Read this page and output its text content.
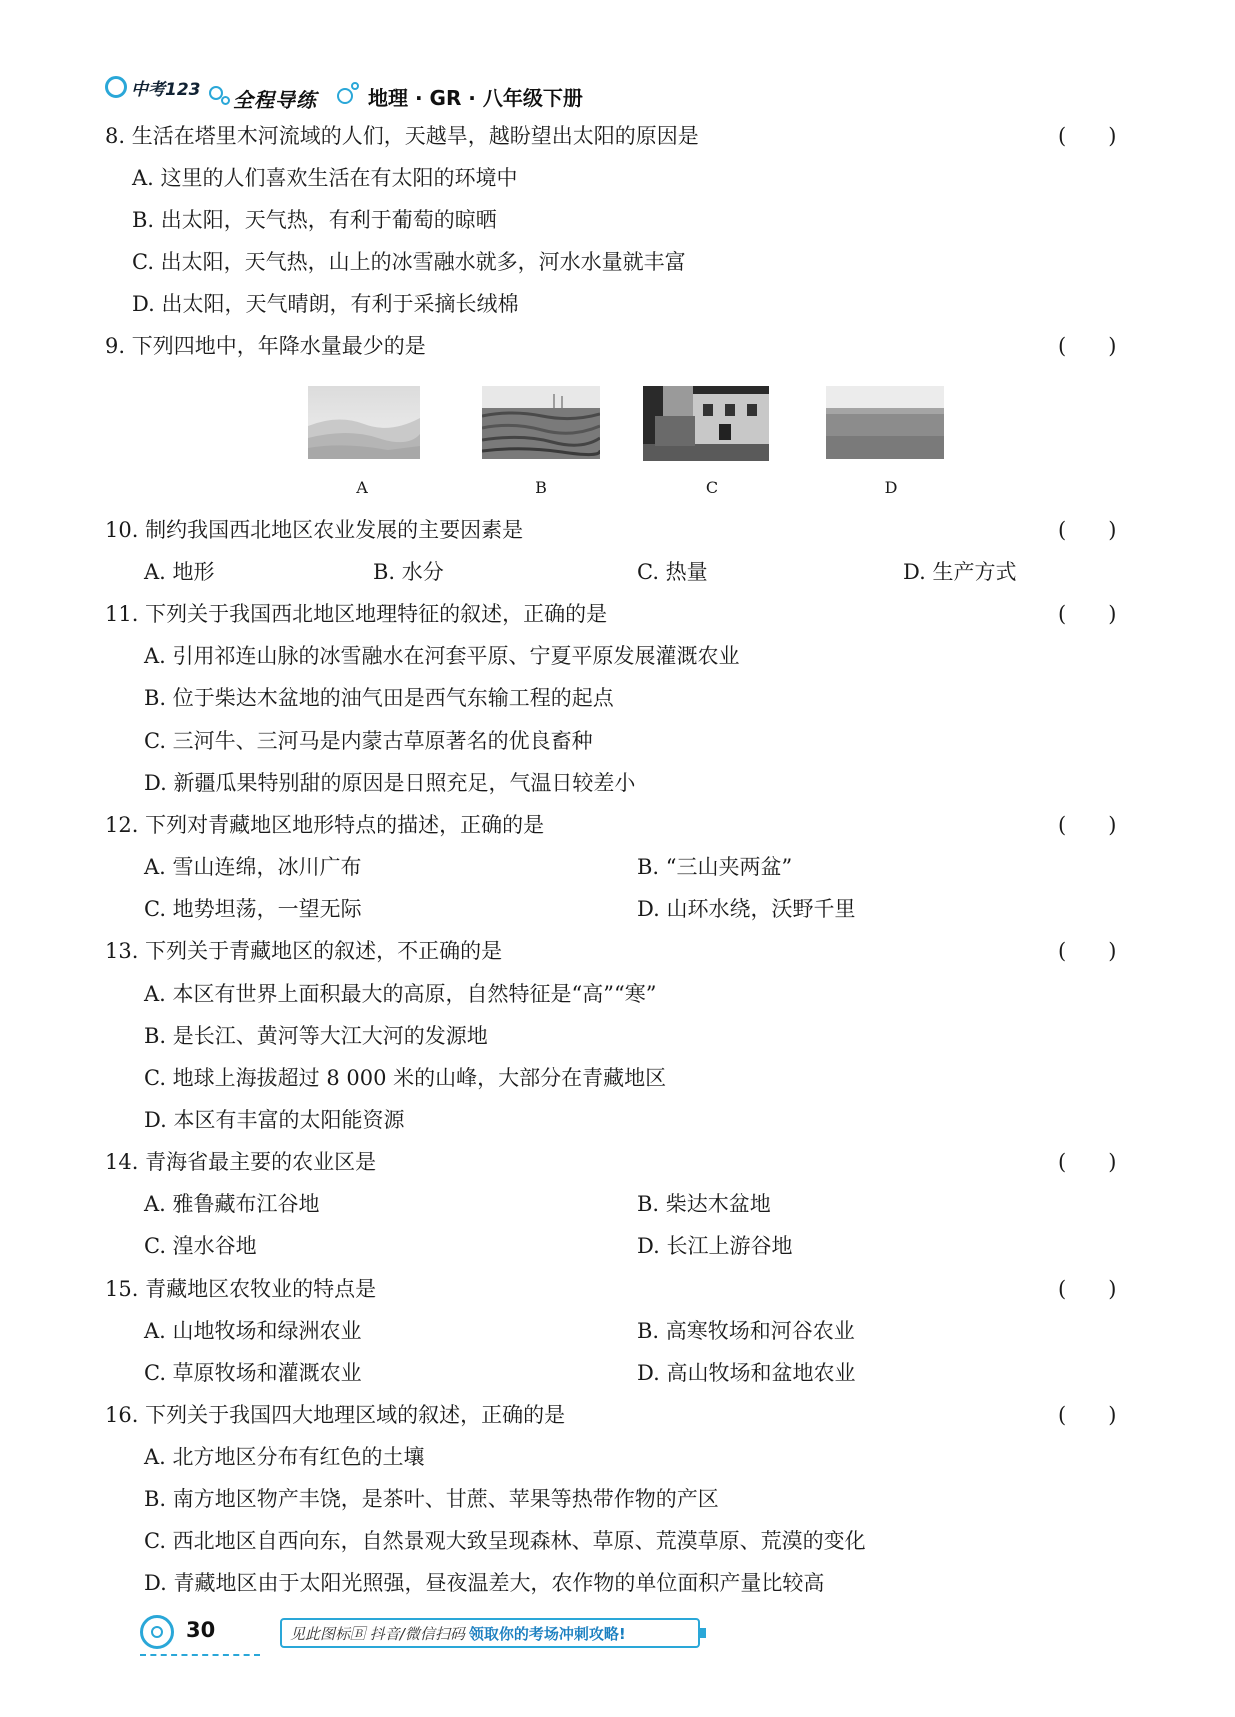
中考123 全程导练	地理 · GR · 八年级下册
8. 生活在塔里木河流域的人们，天越旱，越盼望出太阳的原因是	(　　)
A. 这里的人们喜欢生活在有太阳的环境中
B. 出太阳，天气热，有利于葡萄的晾晒
C. 出太阳，天气热，山上的冰雪融水就多，河水水量就丰富
D. 出太阳，天气晴朗，有利于采摘长绒棉
9. 下列四地中，年降水量最少的是	(　　)
A	B	C	D
10. 制约我国西北地区农业发展的主要因素是	(　　)
A. 地形	B. 水分	C. 热量	D. 生产方式
11. 下列关于我国西北地区地理特征的叙述，正确的是	(　　)
A. 引用祁连山脉的冰雪融水在河套平原、宁夏平原发展灌溉农业
B. 位于柴达木盆地的油气田是西气东输工程的起点
C. 三河牛、三河马是内蒙古草原著名的优良畜种
D. 新疆瓜果特别甜的原因是日照充足，气温日较差小
12. 下列对青藏地区地形特点的描述，正确的是	(　　)
A. 雪山连绵，冰川广布	B. “三山夹两盆”
C. 地势坦荡，一望无际	D. 山环水绕，沃野千里
13. 下列关于青藏地区的叙述，不正确的是	(　　)
A. 本区有世界上面积最大的高原，自然特征是“高”“寒”
B. 是长江、黄河等大江大河的发源地
C. 地球上海拔超过 8 000 米的山峰，大部分在青藏地区
D. 本区有丰富的太阳能资源
14. 青海省最主要的农业区是	(　　)
A. 雅鲁藏布江谷地	B. 柴达木盆地
C. 湟水谷地	D. 长江上游谷地
15. 青藏地区农牧业的特点是	(　　)
A. 山地牧场和绿洲农业	B. 高寒牧场和河谷农业
C. 草原牧场和灌溉农业	D. 高山牧场和盆地农业
16. 下列关于我国四大地理区域的叙述，正确的是	(　　)
A. 北方地区分布有红色的土壤
B. 南方地区物产丰饶，是茶叶、甘蔗、苹果等热带作物的产区
C. 西北地区自西向东，自然景观大致呈现森林、草原、荒漠草原、荒漠的变化
D. 青藏地区由于太阳光照强，昼夜温差大，农作物的单位面积产量比较高
30	见此图标🄱 抖音/微信扫码 领取你的考场冲刺攻略!
